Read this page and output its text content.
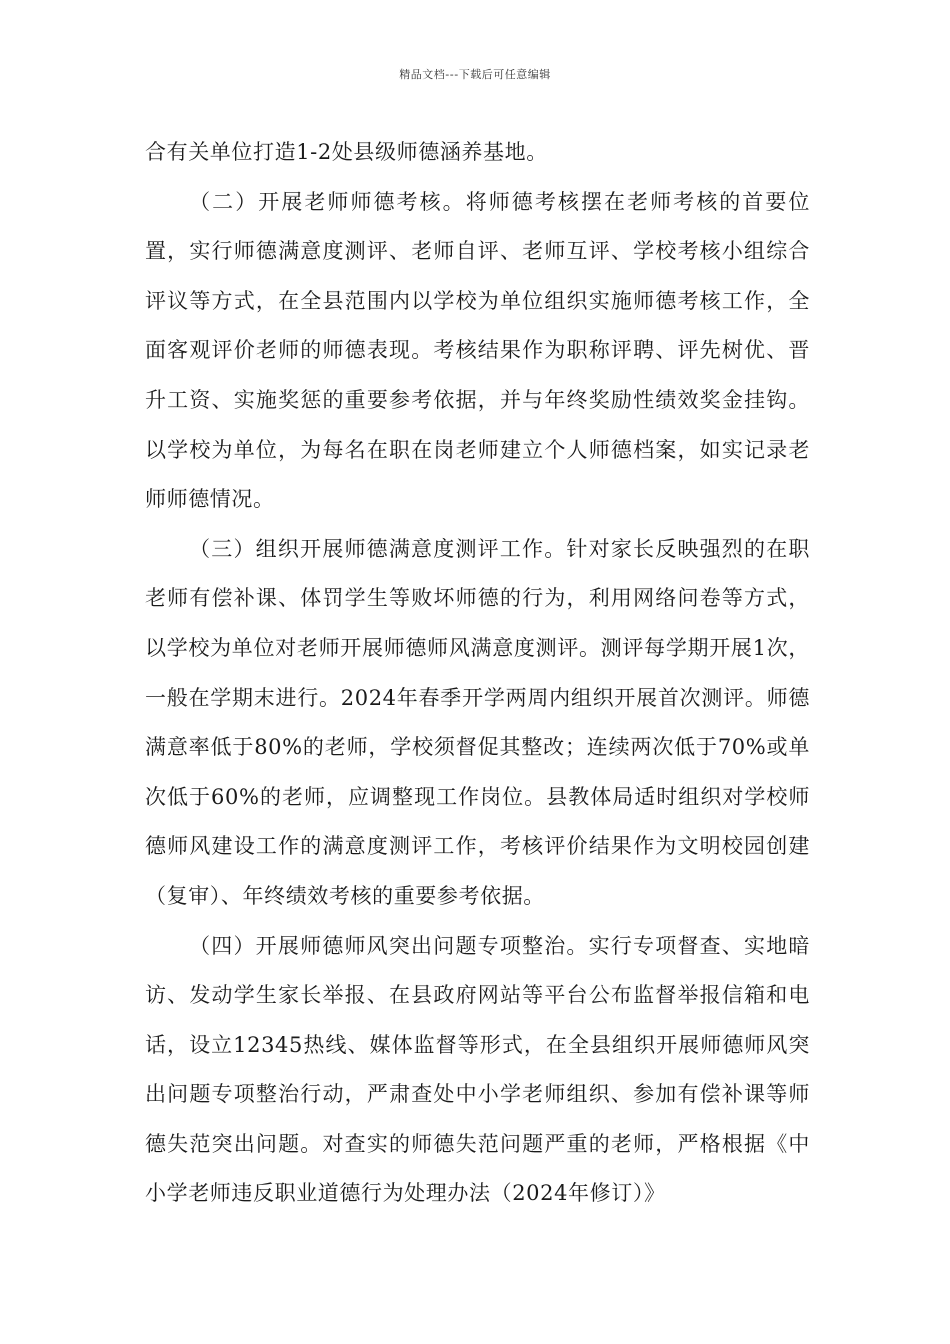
精品文档---下载后可任意编辑

合有关单位打造1-2处县级师德涵养基地。

（二）开展老师师德考核。将师德考核摆在老师考核的首要位置，实行师德满意度测评、老师自评、老师互评、学校考核小组综合评议等方式，在全县范围内以学校为单位组织实施师德考核工作，全面客观评价老师的师德表现。考核结果作为职称评聘、评先树优、晋升工资、实施奖惩的重要参考依据，并与年终奖励性绩效奖金挂钩。以学校为单位，为每名在职在岗老师建立个人师德档案，如实记录老师师德情况。

（三）组织开展师德满意度测评工作。针对家长反映强烈的在职老师有偿补课、体罚学生等败坏师德的行为，利用网络问卷等方式，以学校为单位对老师开展师德师风满意度测评。测评每学期开展1次，一般在学期末进行。2024年春季开学两周内组织开展首次测评。师德满意率低于80%的老师，学校须督促其整改；连续两次低于70%或单次低于60%的老师，应调整现工作岗位。县教体局适时组织对学校师德师风建设工作的满意度测评工作，考核评价结果作为文明校园创建（复审）、年终绩效考核的重要参考依据。

（四）开展师德师风突出问题专项整治。实行专项督查、实地暗访、发动学生家长举报、在县政府网站等平台公布监督举报信箱和电话，设立12345热线、媒体监督等形式，在全县组织开展师德师风突出问题专项整治行动，严肃查处中小学老师组织、参加有偿补课等师德失范突出问题。对查实的师德失范问题严重的老师，严格根据《中小学老师违反职业道德行为处理办法（2024年修订）》
